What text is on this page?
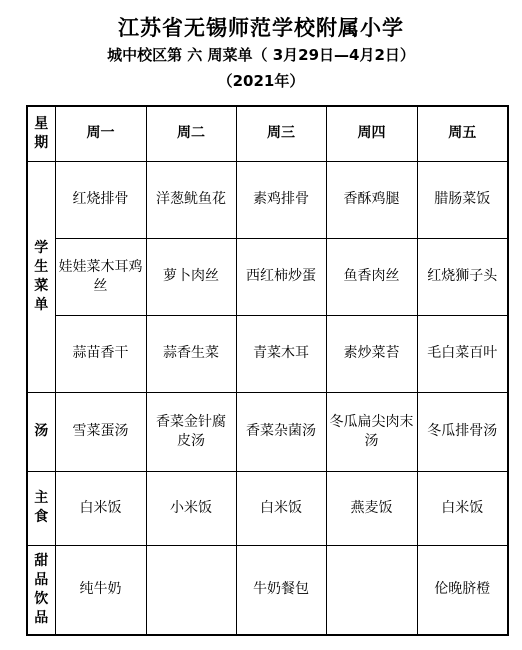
江苏省无锡师范学校附属小学
城中校区第 六 周菜单（ 3月29日—4月2日）
（2021年）
星期	周一	周二	周三	周四	周五
学生菜单	红烧排骨	洋葱鱿鱼花	素鸡排骨	香酥鸡腿	腊肠菜饭
	娃娃菜木耳鸡丝	萝卜肉丝	西红柿炒蛋	鱼香肉丝	红烧狮子头
	蒜苗香干	蒜香生菜	青菜木耳	素炒菜苔	毛白菜百叶
汤	雪菜蛋汤	香菜金针腐皮汤	香菜杂菌汤	冬瓜扁尖肉末汤	冬瓜排骨汤
主食	白米饭	小米饭	白米饭	燕麦饭	白米饭
甜品饮品	纯牛奶		牛奶餐包		伦晚脐橙
